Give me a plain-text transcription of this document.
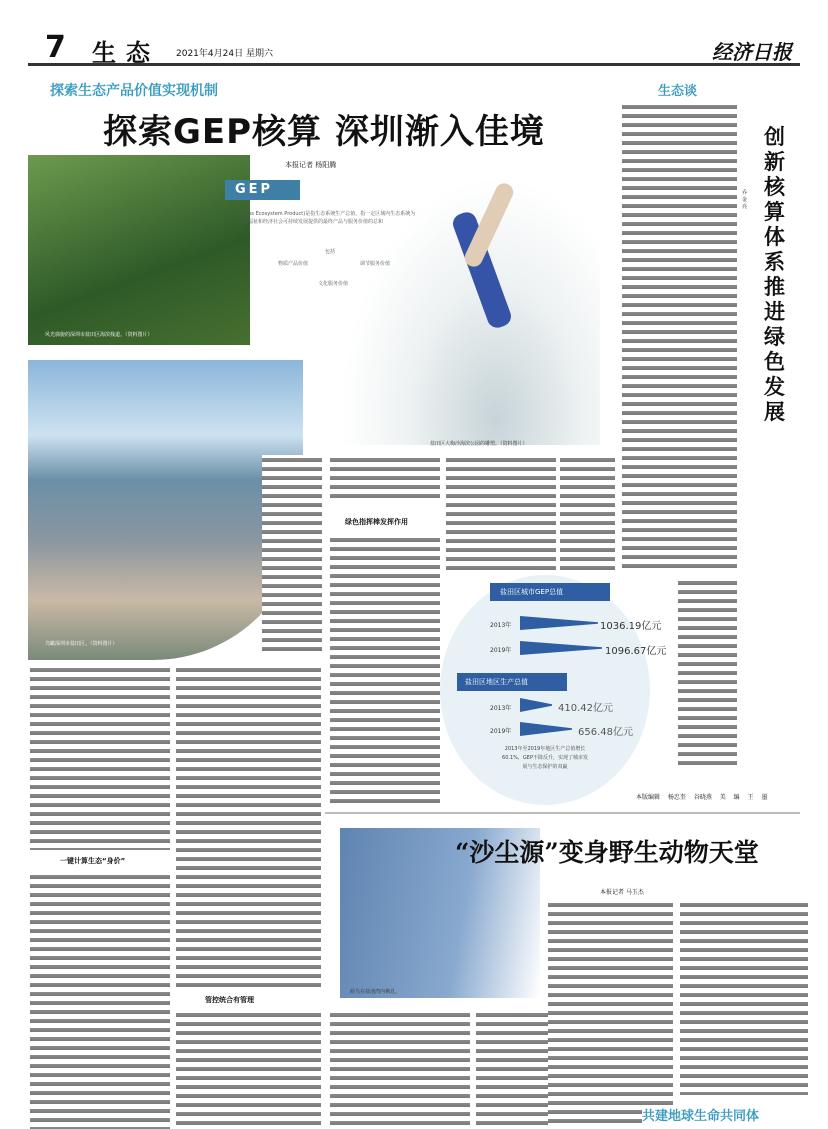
7 生态 2021年4月24日 星期六	经济日报
探索生态产品价值实现机制
探索GEP核算 深圳渐入佳境
本报记者 杨阳腾
风光旖旎的深圳市盐田区海滨栈道。（资料图片）
鸟瞰深圳市盐田区。（资料图片）
GEP
(Gross Ecosystem Product)是指生态系统生产总值，指一定区域内生态系统为人类福祉和经济社会可持续发展提供的最终产品与服务价值的总和
包括
物质产品价值	调节服务价值
文化服务价值
盐田区大梅沙海滨公园的雕塑。（资料图片）
绿色指挥棒发挥作用
一键计算生态“身价”
管控统合有管理
生态谈
创新核算体系推进绿色发展
乔金亮
盐田区城市GEP总值
2013年	1036.19亿元
2019年	1096.67亿元
盐田区地区生产总值
2013年	410.42亿元
2019年	656.48亿元
2013年至2019年地区生产总值增长60.1%，GEP不降反升，实现了城市发展与生态保护的双赢
本版编辑 杨忠奎 谷晓燕 美 编 王 墨
候鸟在盐池湾内栖息。
“沙尘源”变身野生动物天堂
本报记者 马玉杰
共建地球生命共同体
